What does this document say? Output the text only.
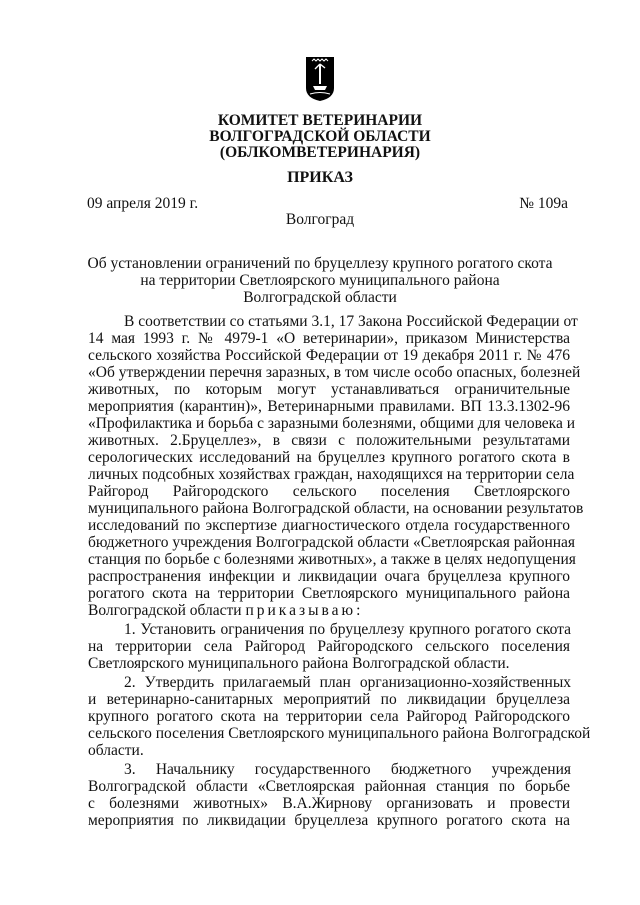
КОМИТЕТ ВЕТЕРИНАРИИ
ВОЛГОГРАДСКОЙ ОБЛАСТИ
(ОБЛКОМВЕТЕРИНАРИЯ)
ПРИКАЗ
09 апреля 2019 г.	№ 109а
Волгоград
Об установлении ограничений по бруцеллезу крупного рогатого скота
на территории Светлоярского муниципального района
Волгоградской области
В соответствии со статьями 3.1, 17 Закона Российской Федерации от
14 мая 1993 г. № 4979-1 «О ветеринарии», приказом Министерства
сельского хозяйства Российской Федерации от 19 декабря 2011 г. № 476
«Об утверждении перечня заразных, в том числе особо опасных, болезней
животных, по которым могут устанавливаться ограничительные
мероприятия (карантин)», Ветеринарными правилами. ВП 13.3.1302-96
«Профилактика и борьба с заразными болезнями, общими для человека и
животных. 2.Бруцеллез», в связи с положительными результатами
серологических исследований на бруцеллез крупного рогатого скота в
личных подсобных хозяйствах граждан, находящихся на территории села
Райгород Райгородского сельского поселения Светлоярского
муниципального района Волгоградской области, на основании результатов
исследований по экспертизе диагностического отдела государственного
бюджетного учреждения Волгоградской области «Светлоярская районная
станция по борьбе с болезнями животных», а также в целях недопущения
распространения инфекции и ликвидации очага бруцеллеза крупного
рогатого скота на территории Светлоярского муниципального района
Волгоградской области приказываю:
1. Установить ограничения по бруцеллезу крупного рогатого скота
на территории села Райгород Райгородского сельского поселения
Светлоярского муниципального района Волгоградской области.
2. Утвердить прилагаемый план организационно-хозяйственных
и ветеринарно-санитарных мероприятий по ликвидации бруцеллеза
крупного рогатого скота на территории села Райгород Райгородского
сельского поселения Светлоярского муниципального района Волгоградской
области.
3. Начальнику государственного бюджетного учреждения
Волгоградской области «Светлоярская районная станция по борьбе
с болезнями животных» В.А.Жирнову организовать и провести
мероприятия по ликвидации бруцеллеза крупного рогатого скота на
